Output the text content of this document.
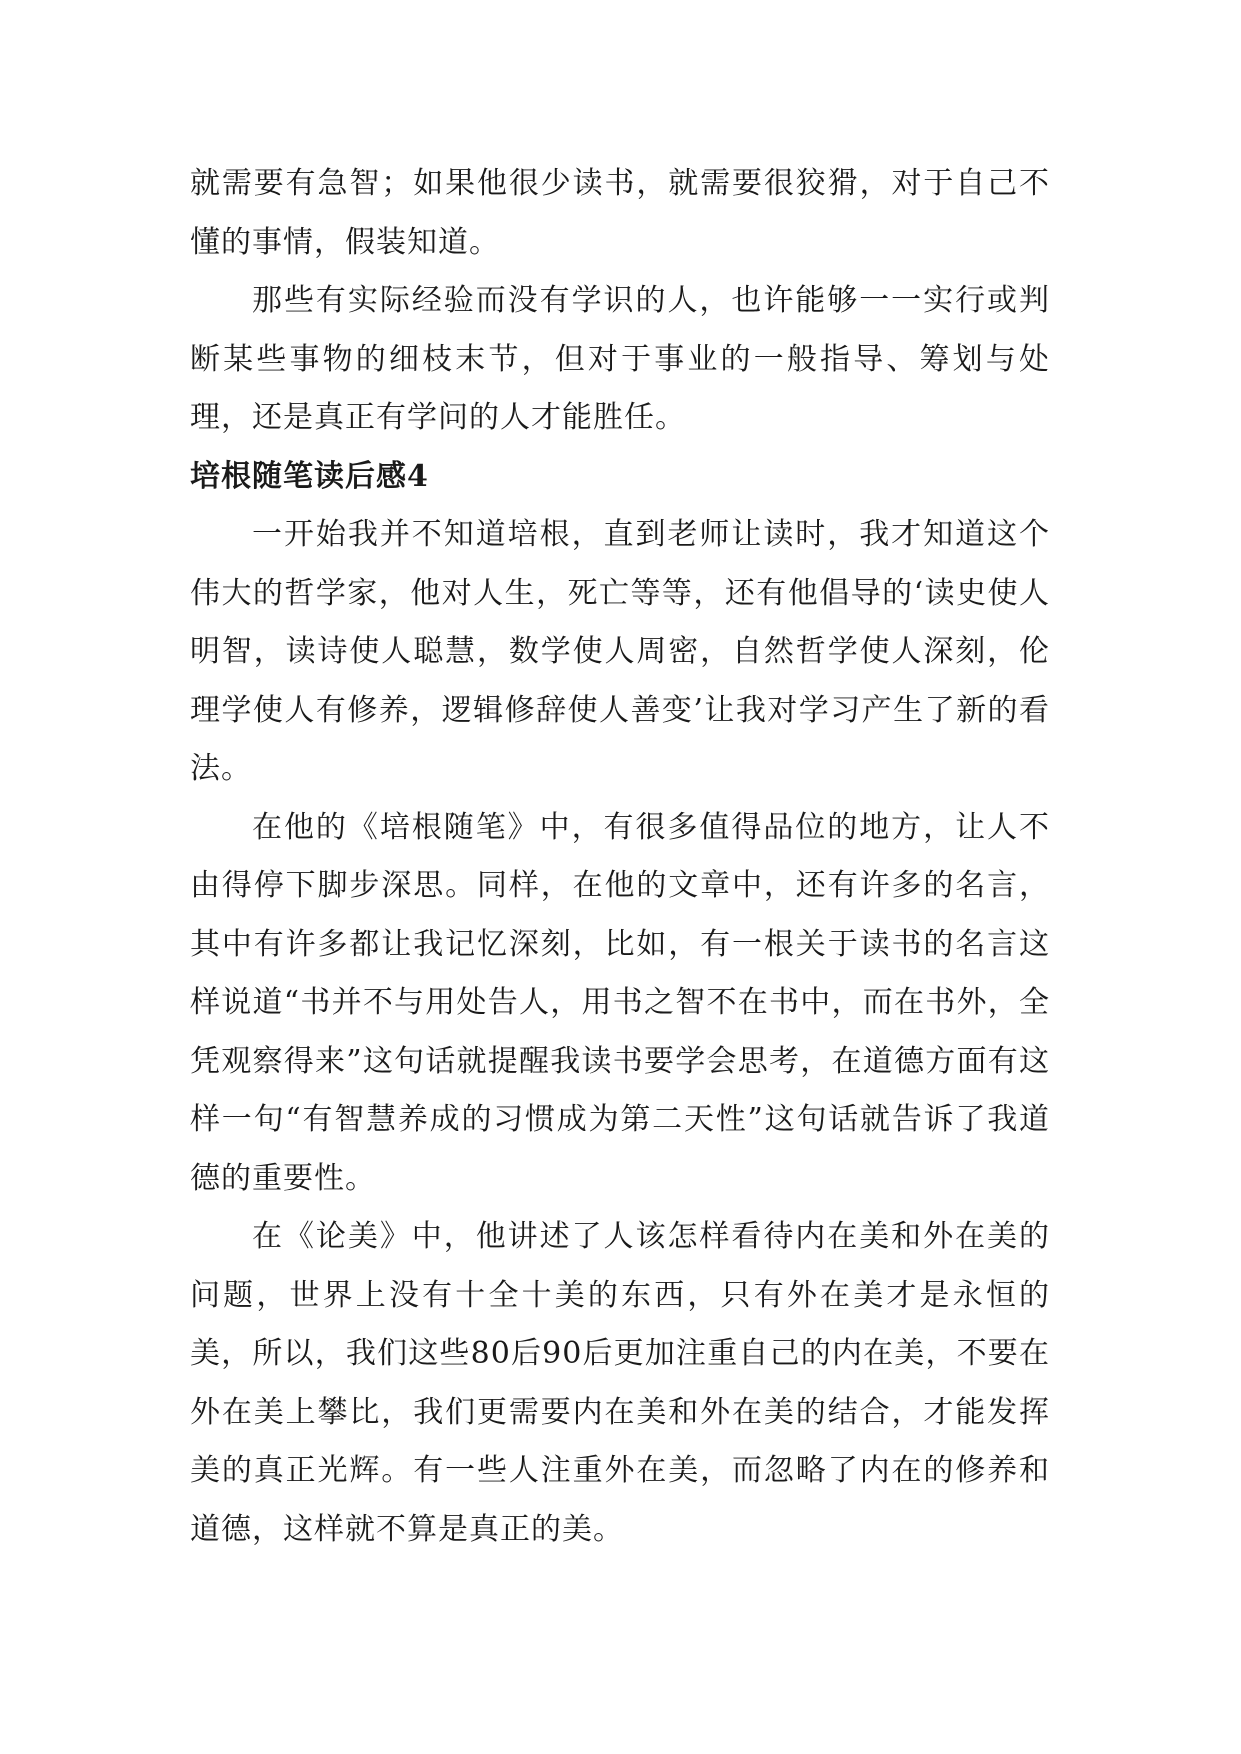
就需要有急智；如果他很少读书，就需要很狡猾，对于自己不懂的事情，假装知道。

那些有实际经验而没有学识的人，也许能够一一实行或判断某些事物的细枝末节，但对于事业的一般指导、筹划与处理，还是真正有学问的人才能胜任。

培根随笔读后感4

一开始我并不知道培根，直到老师让读时，我才知道这个伟大的哲学家，他对人生，死亡等等，还有他倡导的‘读史使人明智，读诗使人聪慧，数学使人周密，自然哲学使人深刻，伦理学使人有修养，逻辑修辞使人善变’让我对学习产生了新的看法。

在他的《培根随笔》中，有很多值得品位的地方，让人不由得停下脚步深思。同样，在他的文章中，还有许多的名言，其中有许多都让我记忆深刻，比如，有一根关于读书的名言这样说道“书并不与用处告人，用书之智不在书中，而在书外，全凭观察得来”这句话就提醒我读书要学会思考，在道德方面有这样一句“有智慧养成的习惯成为第二天性”这句话就告诉了我道德的重要性。

在《论美》中，他讲述了人该怎样看待内在美和外在美的问题，世界上没有十全十美的东西，只有外在美才是永恒的美，所以，我们这些80后90后更加注重自己的内在美，不要在外在美上攀比，我们更需要内在美和外在美的结合，才能发挥美的真正光辉。有一些人注重外在美，而忽略了内在的修养和道德，这样就不算是真正的美。
